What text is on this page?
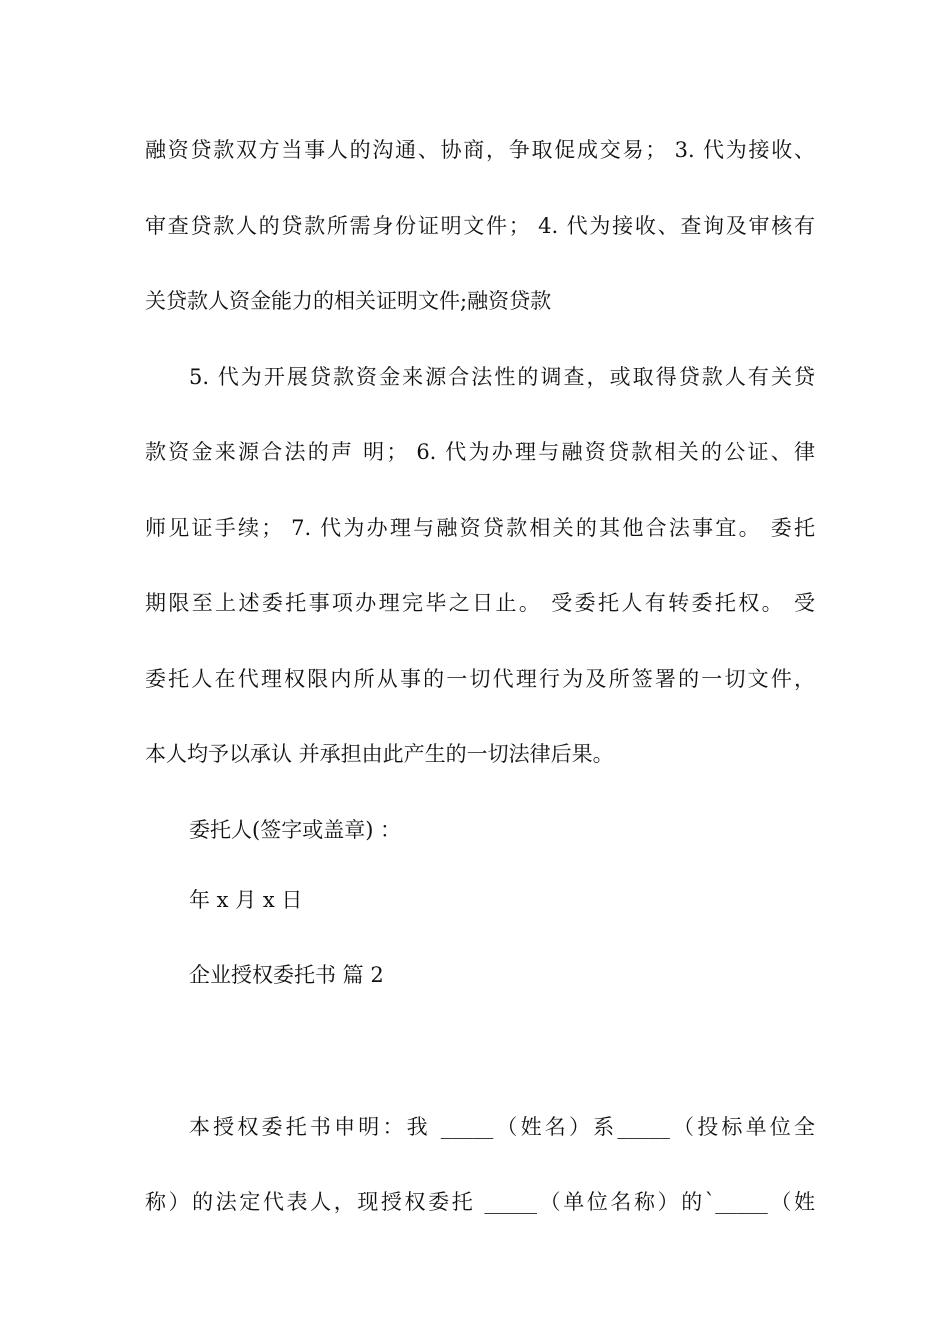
融资贷款双方当事人的沟通、协商，争取促成交易； 3. 代为接收、
审查贷款人的贷款所需身份证明文件； 4. 代为接收、查询及审核有
关贷款人资金能力的相关证明文件;融资贷款
5. 代为开展贷款资金来源合法性的调查，或取得贷款人有关贷
款资金来源合法的声 明； 6. 代为办理与融资贷款相关的公证、律
师见证手续； 7. 代为办理与融资贷款相关的其他合法事宜。 委托
期限至上述委托事项办理完毕之日止。 受委托人有转委托权。 受
委托人在代理权限内所从事的一切代理行为及所签署的一切文件，
本人均予以承认 并承担由此产生的一切法律后果。
委托人(签字或盖章) ：
年 x 月 x 日
企业授权委托书 篇 2
本授权委托书申明：我 _____（姓名）系_____（投标单位全
称）的法定代表人，现授权委托 _____（单位名称）的`_____（姓
